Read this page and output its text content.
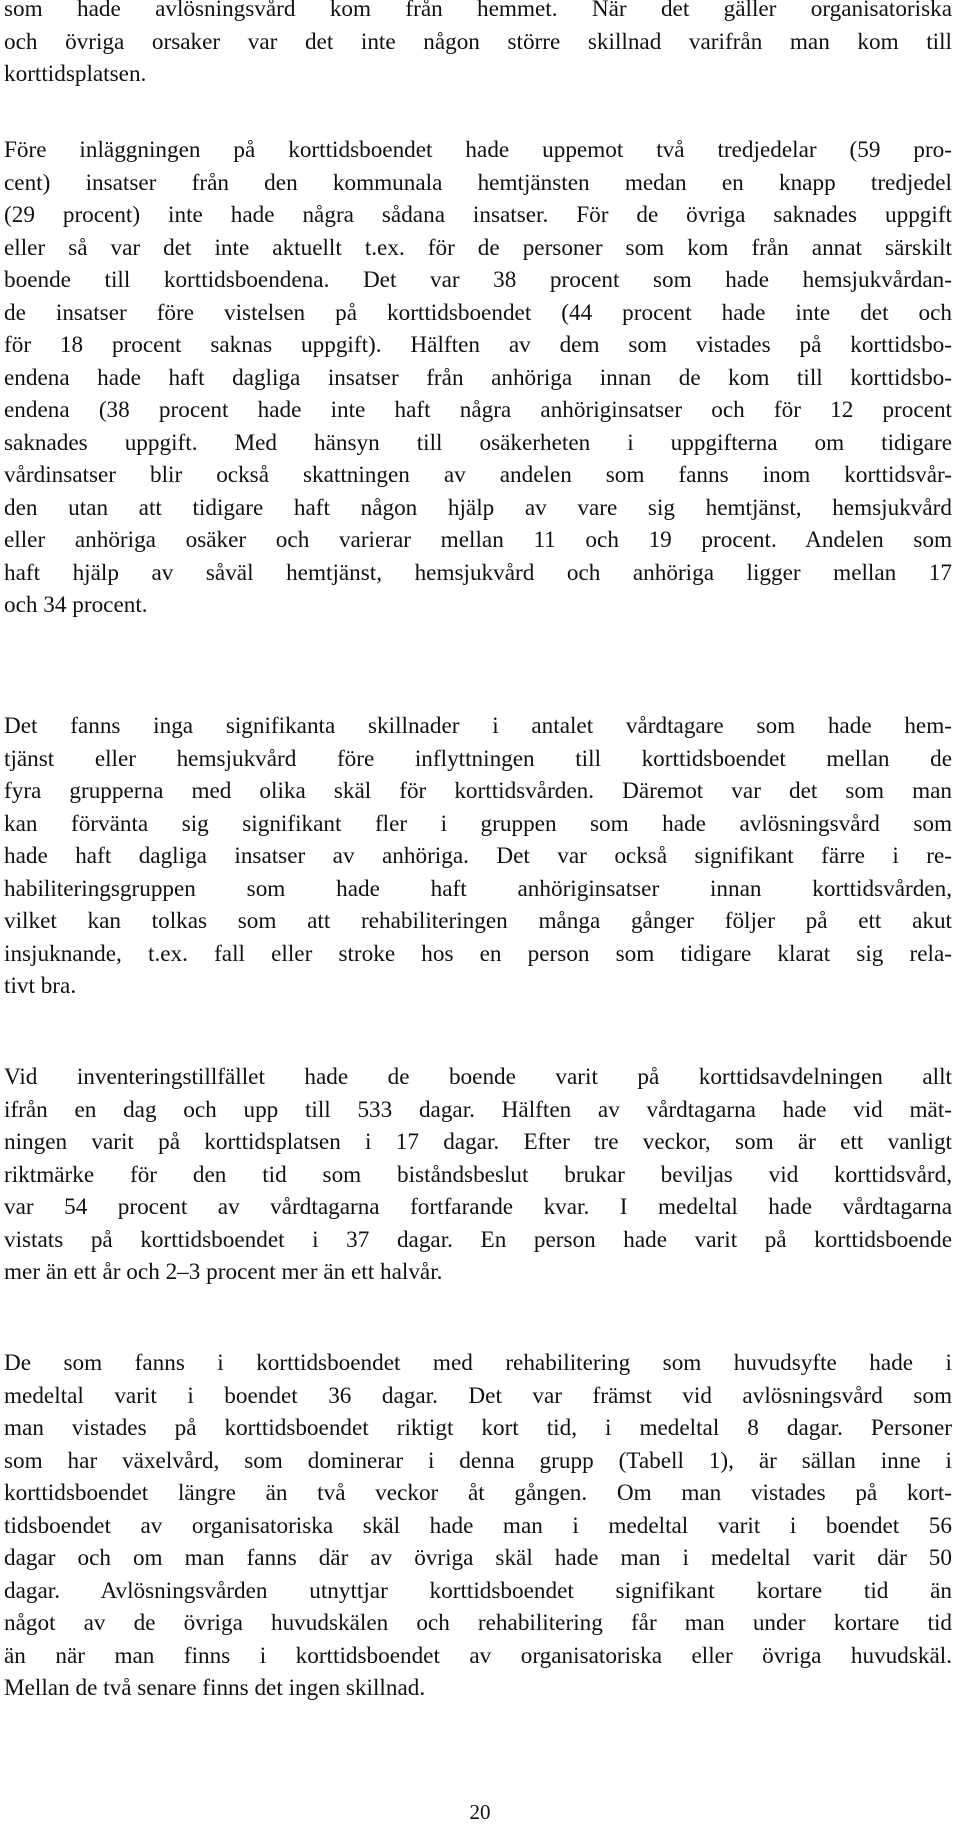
som hade avlösningsvård kom från hemmet. När det gäller organisatoriska
och övriga orsaker var det inte någon större skillnad varifrån man kom till
korttidsplatsen.
Före inläggningen på korttidsboendet hade uppemot två tredjedelar (59 pro-
cent) insatser från den kommunala hemtjänsten medan en knapp tredjedel
(29 procent) inte hade några sådana insatser. För de övriga saknades uppgift
eller så var det inte aktuellt t.ex. för de personer som kom från annat särskilt
boende till korttidsboendena. Det var 38 procent som hade hemsjukvårdan-
de insatser före vistelsen på korttidsboendet (44 procent hade inte det och
för 18 procent saknas uppgift). Hälften av dem som vistades på korttidsbo-
endena hade haft dagliga insatser från anhöriga innan de kom till korttidsbo-
endena (38 procent hade inte haft några anhöriginsatser och för 12 procent
saknades uppgift. Med hänsyn till osäkerheten i uppgifterna om tidigare
vårdinsatser blir också skattningen av andelen som fanns inom korttidsvår-
den utan att tidigare haft någon hjälp av vare sig hemtjänst, hemsjukvård
eller anhöriga osäker och varierar mellan 11 och 19 procent. Andelen som
haft hjälp av såväl hemtjänst, hemsjukvård och anhöriga ligger mellan 17
och 34 procent.
Det fanns inga signifikanta skillnader i antalet vårdtagare som hade hem-
tjänst eller hemsjukvård före inflyttningen till korttidsboendet mellan de
fyra grupperna med olika skäl för korttidsvården. Däremot var det som man
kan förvänta sig signifikant fler i gruppen som hade avlösningsvård som
hade haft dagliga insatser av anhöriga. Det var också signifikant färre i re-
habiliteringsgruppen som hade haft anhöriginsatser innan korttidsvården,
vilket kan tolkas som att rehabiliteringen många gånger följer på ett akut
insjuknande, t.ex. fall eller stroke hos en person som tidigare klarat sig rela-
tivt bra.
Vid inventeringstillfället hade de boende varit på korttidsavdelningen allt
ifrån en dag och upp till 533 dagar. Hälften av vårdtagarna hade vid mät-
ningen varit på korttidsplatsen i 17 dagar. Efter tre veckor, som är ett vanligt
riktmärke för den tid som biståndsbeslut brukar beviljas vid korttidsvård,
var 54 procent av vårdtagarna fortfarande kvar. I medeltal hade vårdtagarna
vistats på korttidsboendet i 37 dagar. En person hade varit på korttidsboende
mer än ett år och 2–3 procent mer än ett halvår.
De som fanns i korttidsboendet med rehabilitering som huvudsyfte hade i
medeltal varit i boendet 36 dagar. Det var främst vid avlösningsvård som
man vistades på korttidsboendet riktigt kort tid, i medeltal 8 dagar. Personer
som har växelvård, som dominerar i denna grupp (Tabell 1), är sällan inne i
korttidsboendet längre än två veckor åt gången. Om man vistades på kort-
tidsboendet av organisatoriska skäl hade man i medeltal varit i boendet 56
dagar och om man fanns där av övriga skäl hade man i medeltal varit där 50
dagar. Avlösningsvården utnyttjar korttidsboendet signifikant kortare tid än
något av de övriga huvudskälen och rehabilitering får man under kortare tid
än när man finns i korttidsboendet av organisatoriska eller övriga huvudskäl.
Mellan de två senare finns det ingen skillnad.
20
